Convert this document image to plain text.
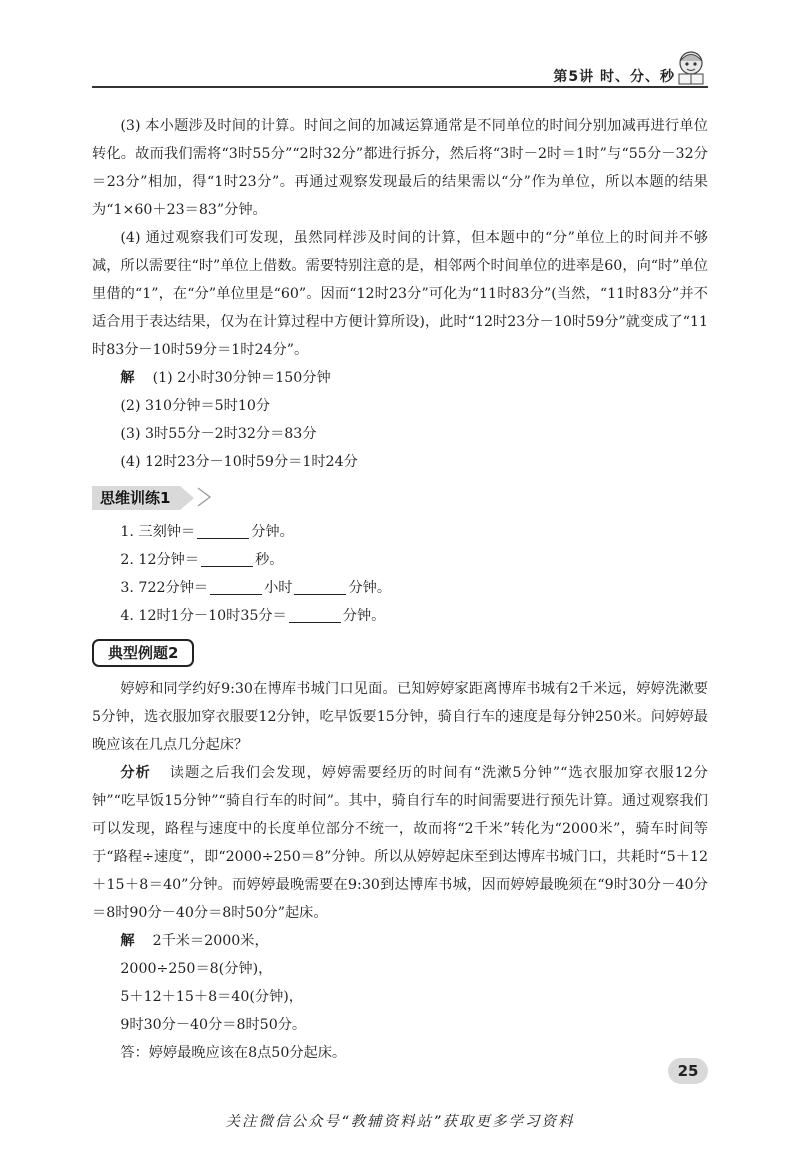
第5讲 时、分、秒

(3) 本小题涉及时间的计算。时间之间的加减运算通常是不同单位的时间分别加减再进行单位转化。故而我们需将“3时55分”“2时32分”都进行拆分，然后将“3时－2时＝1时”与“55分－32分＝23分”相加，得“1时23分”。再通过观察发现最后的结果需以“分”作为单位，所以本题的结果为“1×60＋23＝83”分钟。

(4) 通过观察我们可发现，虽然同样涉及时间的计算，但本题中的“分”单位上的时间并不够减，所以需要往“时”单位上借数。需要特别注意的是，相邻两个时间单位的进率是60，向“时”单位里借的“1”，在“分”单位里是“60”。因而“12时23分”可化为“11时83分”(当然，“11时83分”并不适合用于表达结果，仅为在计算过程中方便计算所设)，此时“12时23分－10时59分”就变成了“11时83分－10时59分＝1时24分”。

解 (1) 2小时30分钟＝150分钟
(2) 310分钟＝5时10分
(3) 3时55分－2时32分＝83分
(4) 12时23分－10时59分＝1时24分
思维训练1
1. 三刻钟＝	分钟。
2. 12分钟＝	秒。
3. 722分钟＝	小时	分钟。
4. 12时1分－10时35分＝	分钟。
典型例题2

婷婷和同学约好9:30在博库书城门口见面。已知婷婷家距离博库书城有2千米远，婷婷洗漱要5分钟，选衣服加穿衣服要12分钟，吃早饭要15分钟，骑自行车的速度是每分钟250米。问婷婷最晚应该在几点几分起床？

分析 读题之后我们会发现，婷婷需要经历的时间有“洗漱5分钟”“选衣服加穿衣服12分钟”“吃早饭15分钟”“骑自行车的时间”。其中，骑自行车的时间需要进行预先计算。通过观察我们可以发现，路程与速度中的长度单位部分不统一，故而将“2千米”转化为“2000米”，骑车时间等于“路程÷速度”，即“2000÷250＝8”分钟。所以从婷婷起床至到达博库书城门口，共耗时“5＋12＋15＋8＝40”分钟。而婷婷最晚需要在9:30到达博库书城，因而婷婷最晚须在“9时30分－40分＝8时90分－40分＝8时50分”起床。

解 2千米＝2000米，
2000÷250＝8(分钟)，
5＋12＋15＋8＝40(分钟)，
9时30分－40分＝8时50分。
答：婷婷最晚应该在8点50分起床。
25
关注微信公众号“教辅资料站”获取更多学习资料
